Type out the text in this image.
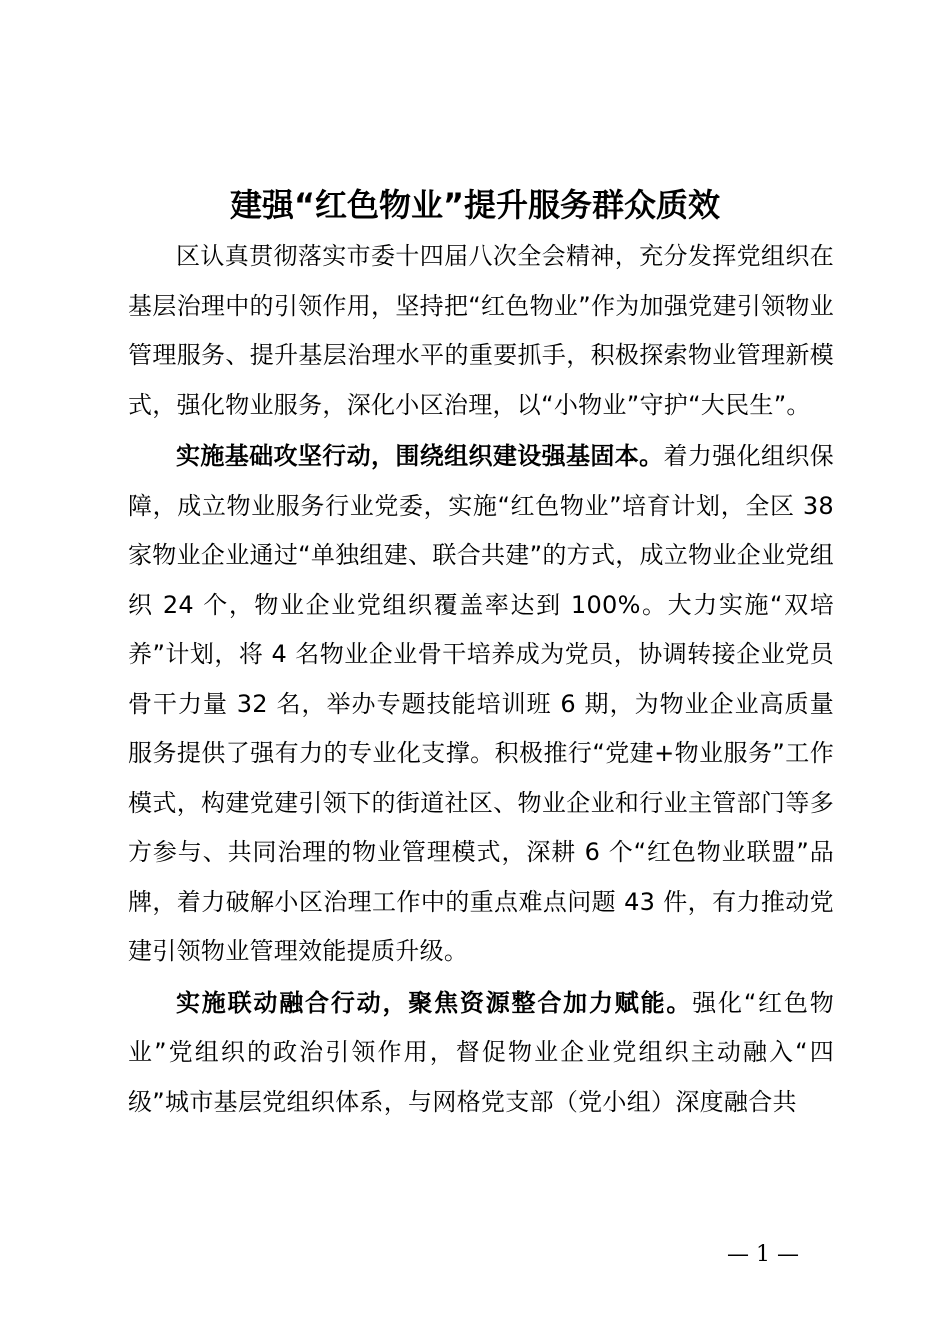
建强“红色物业”提升服务群众质效

区认真贯彻落实市委十四届八次全会精神，充分发挥党组织在基层治理中的引领作用，坚持把“红色物业”作为加强党建引领物业管理服务、提升基层治理水平的重要抓手，积极探索物业管理新模式，强化物业服务，深化小区治理，以“小物业”守护“大民生”。

实施基础攻坚行动，围绕组织建设强基固本。着力强化组织保障，成立物业服务行业党委，实施“红色物业”培育计划，全区 38 家物业企业通过“单独组建、联合共建”的方式，成立物业企业党组织 24 个，物业企业党组织覆盖率达到 100%。大力实施“双培养”计划，将 4 名物业企业骨干培养成为党员，协调转接企业党员骨干力量 32 名，举办专题技能培训班 6 期，为物业企业高质量服务提供了强有力的专业化支撑。积极推行“党建+物业服务”工作模式，构建党建引领下的街道社区、物业企业和行业主管部门等多方参与、共同治理的物业管理模式，深耕 6 个“红色物业联盟”品牌，着力破解小区治理工作中的重点难点问题 43 件，有力推动党建引领物业管理效能提质升级。

实施联动融合行动，聚焦资源整合加力赋能。强化“红色物业”党组织的政治引领作用，督促物业企业党组织主动融入“四级”城市基层党组织体系，与网格党支部（党小组）深度融合共

— 1 —
